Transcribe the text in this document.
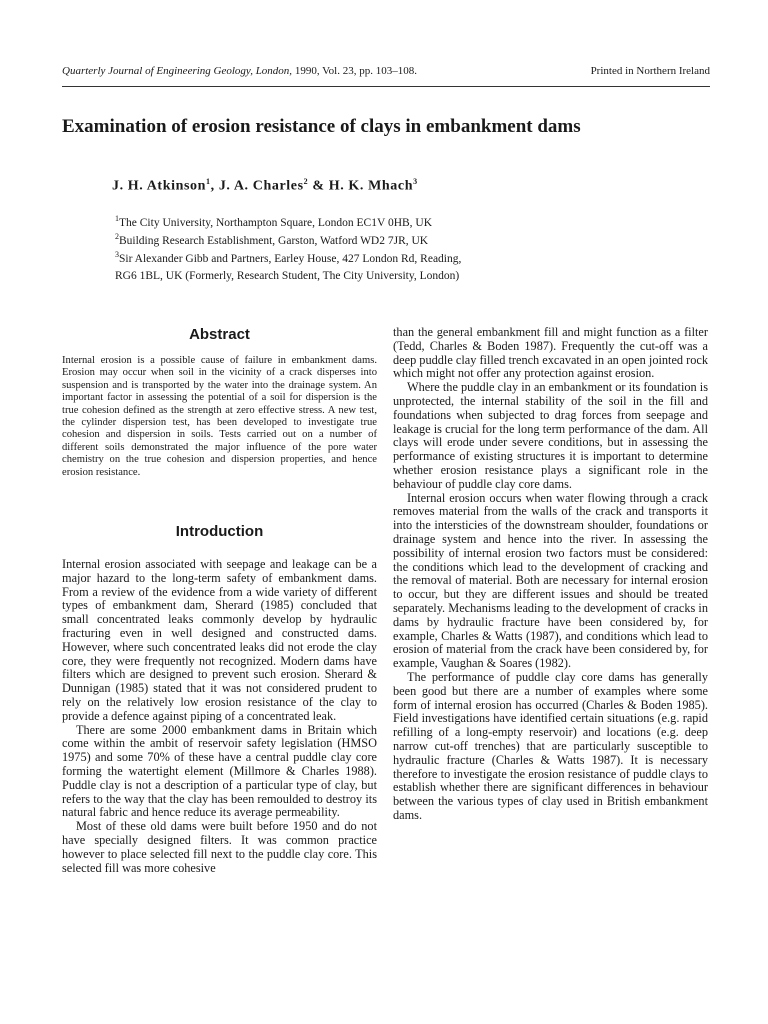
Quarterly Journal of Engineering Geology, London, 1990, Vol. 23, pp. 103–108.	Printed in Northern Ireland
Examination of erosion resistance of clays in embankment dams
J. H. Atkinson$^1$, J. A. Charles$^2$ & H. K. Mhach$^3$
$^1$The City University, Northampton Square, London EC1V 0HB, UK
$^2$Building Research Establishment, Garston, Watford WD2 7JR, UK
$^3$Sir Alexander Gibb and Partners, Earley House, 427 London Rd, Reading,
RG6 1BL, UK (Formerly, Research Student, The City University, London)
Abstract
Internal erosion is a possible cause of failure in embankment dams. Erosion may occur when soil in the vicinity of a crack disperses into suspension and is transported by the water into the drainage system. An important factor in assessing the potential of a soil for dispersion is the true cohesion defined as the strength at zero effective stress. A new test, the cylinder dispersion test, has been developed to investigate true cohesion and dispersion in soils. Tests carried out on a number of different soils demonstrated the major influence of the pore water chemistry on the true cohesion and dispersion properties, and hence erosion resistance.
Introduction

Internal erosion associated with seepage and leakage can be a major hazard to the long-term safety of embankment dams. From a review of the evidence from a wide variety of different types of embankment dam, Sherard (1985) concluded that small concentrated leaks commonly develop by hydraulic fracturing even in well designed and constructed dams. However, where such concentrated leaks did not erode the clay core, they were frequently not recognized. Modern dams have filters which are designed to prevent such erosion. Sherard & Dunnigan (1985) stated that it was not considered prudent to rely on the relatively low erosion resistance of the clay to provide a defence against piping of a concentrated leak.

There are some 2000 embankment dams in Britain which come within the ambit of reservoir safety legislation (HMSO 1975) and some 70% of these have a central puddle clay core forming the watertight element (Millmore & Charles 1988). Puddle clay is not a description of a particular type of clay, but refers to the way that the clay has been remoulded to destroy its natural fabric and hence reduce its average permeability.

Most of these old dams were built before 1950 and do not have specially designed filters. It was common practice however to place selected fill next to the puddle clay core. This selected fill was more cohesive

than the general embankment fill and might function as a filter (Tedd, Charles & Boden 1987). Frequently the cut-off was a deep puddle clay filled trench excavated in an open jointed rock which might not offer any protection against erosion.

Where the puddle clay in an embankment or its foundation is unprotected, the internal stability of the soil in the fill and foundations when subjected to drag forces from seepage and leakage is crucial for the long term performance of the dam. All clays will erode under severe conditions, but in assessing the performance of existing structures it is important to determine whether erosion resistance plays a significant role in the behaviour of puddle clay core dams.

Internal erosion occurs when water flowing through a crack removes material from the walls of the crack and transports it into the intersticies of the downstream shoulder, foundations or drainage system and hence into the river. In assessing the possibility of internal erosion two factors must be considered: the conditions which lead to the development of cracking and the removal of material. Both are necessary for internal erosion to occur, but they are different issues and should be treated separately. Mechanisms leading to the development of cracks in dams by hydraulic fracture have been considered by, for example, Charles & Watts (1987), and conditions which lead to erosion of material from the crack have been considered by, for example, Vaughan & Soares (1982).

The performance of puddle clay core dams has generally been good but there are a number of examples where some form of internal erosion has occurred (Charles & Boden 1985). Field investigations have identified certain situations (e.g. rapid refilling of a long-empty reservoir) and locations (e.g. deep narrow cut-off trenches) that are particularly susceptible to hydraulic fracture (Charles & Watts 1987). It is necessary therefore to investigate the erosion resistance of puddle clays to establish whether there are significant differences in behaviour between the various types of clay used in British embankment dams.
